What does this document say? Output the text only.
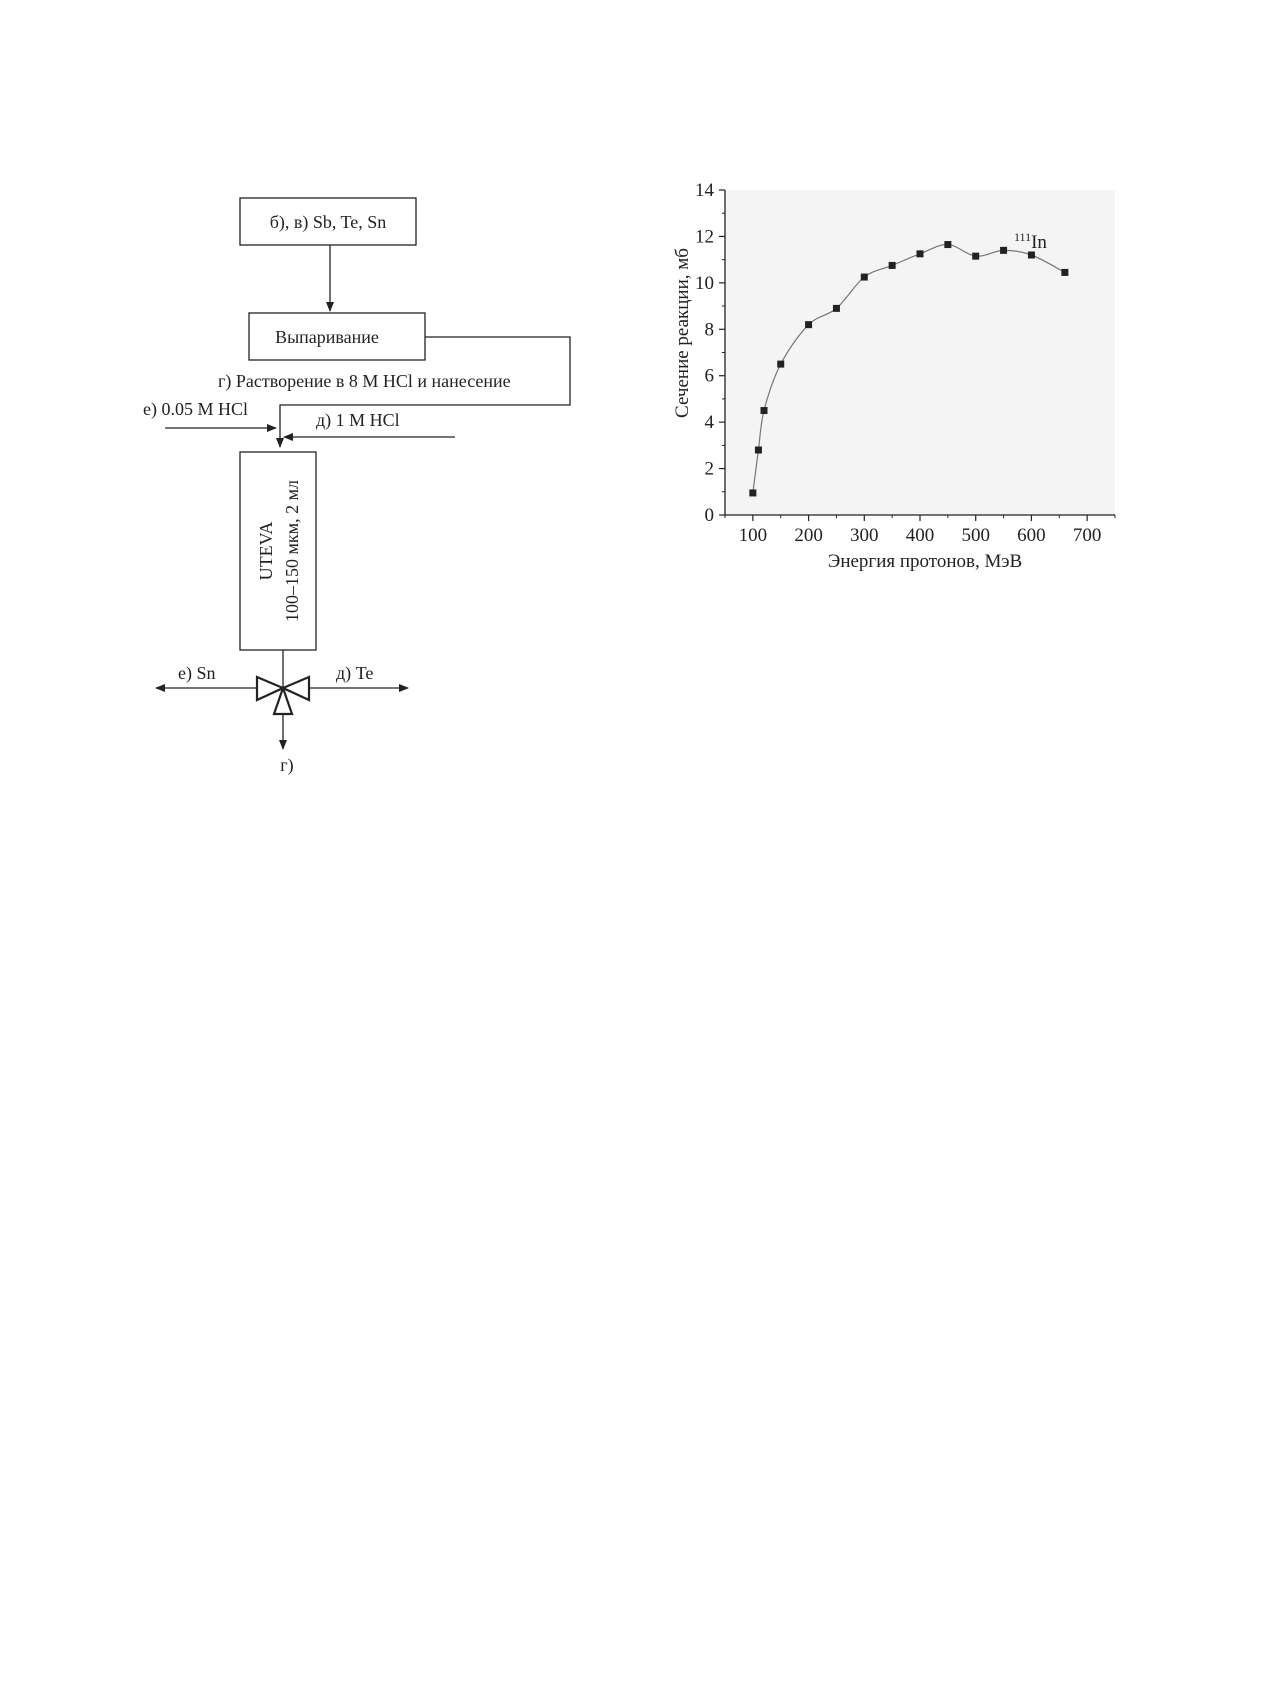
б), в) Sb, Te, Sn
Выпаривание
г) Растворение в 8 М HCl и нанесение
е) 0.05 M HCl
д) 1 M HCl
UTEVA 100–150 мкм, 2 мл
е) Sn	д) Te
г)
0
2
4
6
8
10
12
14
100 200 300 400 500 600 700
Энергия протонов, МэВ
Сечение реакции, мб
$^{111}$In
